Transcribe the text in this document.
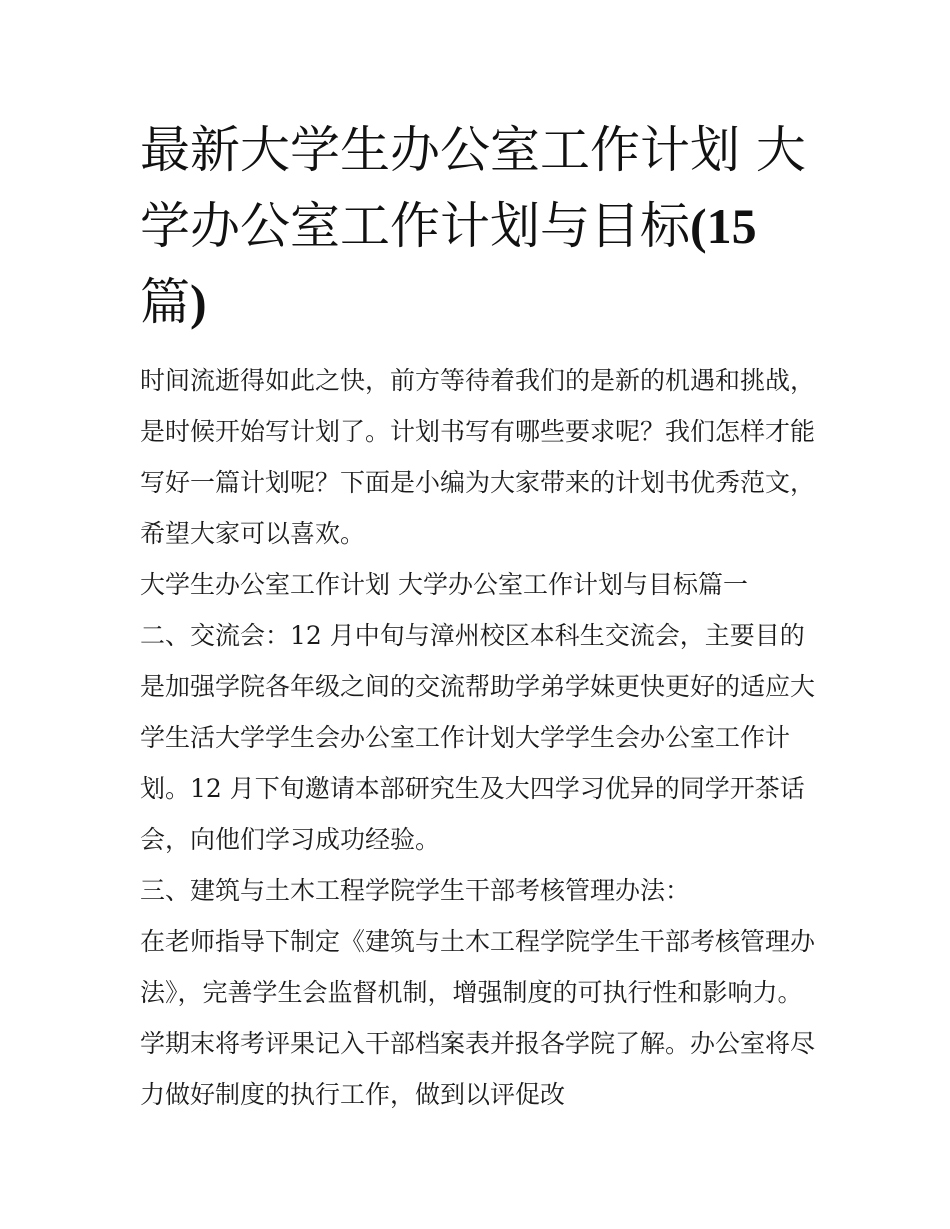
最新大学生办公室工作计划 大
学办公室工作计划与目标(15
篇)

时间流逝得如此之快，前方等待着我们的是新的机遇和挑战，

是时候开始写计划了。计划书写有哪些要求呢？我们怎样才能

写好一篇计划呢？下面是小编为大家带来的计划书优秀范文，

希望大家可以喜欢。

大学生办公室工作计划 大学办公室工作计划与目标篇一

二、交流会：12 月中旬与漳州校区本科生交流会，主要目的

是加强学院各年级之间的交流帮助学弟学妹更快更好的适应大

学生活大学学生会办公室工作计划大学学生会办公室工作计

划。12 月下旬邀请本部研究生及大四学习优异的同学开茶话

会，向他们学习成功经验。

三、建筑与土木工程学院学生干部考核管理办法：

在老师指导下制定《建筑与土木工程学院学生干部考核管理办

法》，完善学生会监督机制，增强制度的可执行性和影响力。

学期末将考评果记入干部档案表并报各学院了解。办公室将尽

力做好制度的执行工作，做到以评促改
